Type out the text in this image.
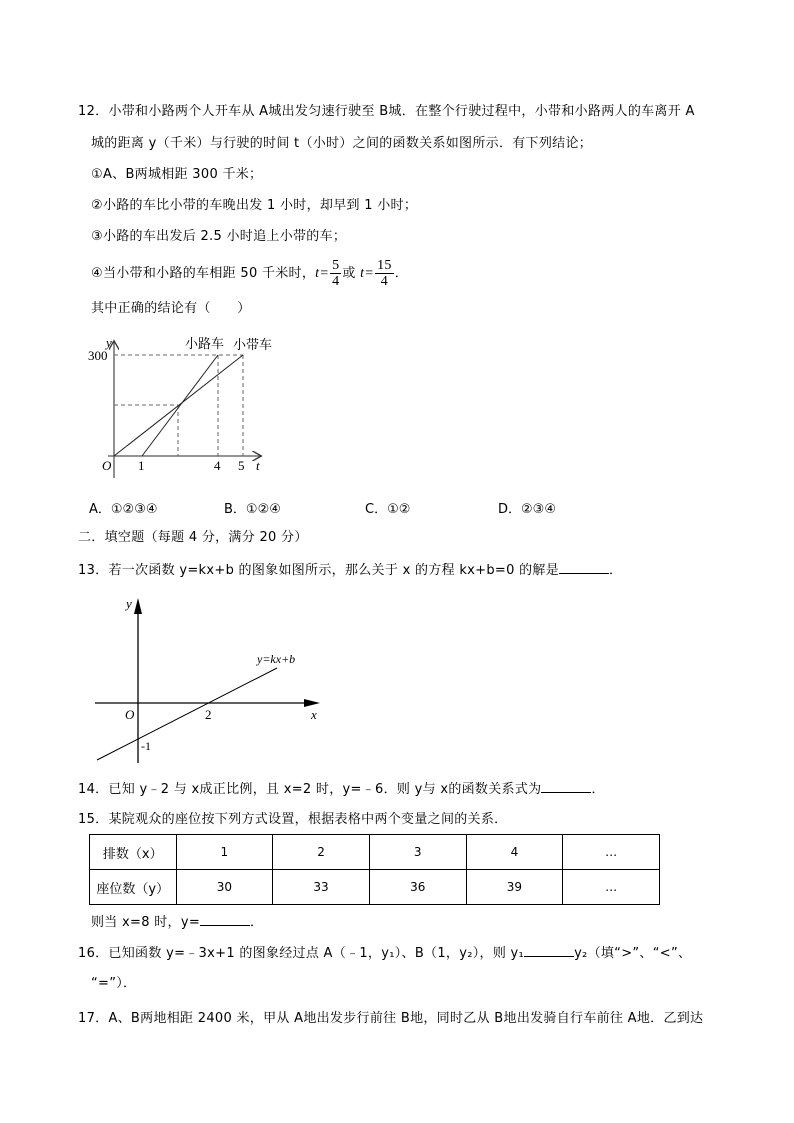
12．小带和小路两个人开车从 A城出发匀速行驶至 B城．在整个行驶过程中，小带和小路两人的车离开 A
城的距离 y（千米）与行驶的时间 t（小时）之间的函数关系如图所示．有下列结论；
①A、B两城相距 300 千米；
②小路的车比小带的车晚出发 1 小时，却早到 1 小时；
③小路的车出发后 2.5 小时追上小带的车；
④当小带和小路的车相距 50 千米时，$t= \frac{5}{4}$ 或 $t= \frac{15}{4}$ ．
其中正确的结论有（　　）
y
300
O 1	4 5 t
小路车 小带车
A．①②③④	B．①②④	C．①②	D．②③④
二．填空题（每题 4 分，满分 20 分）
13．若一次函数 y=kx+b 的图象如图所示，那么关于 x 的方程 kx+b=0 的解是	．
y
O	2
-1
x
y=kx+b
14．已知 y﹣2 与 x成正比例，且 x=2 时，y=﹣6．则 y与 x的函数关系式为	．
15．某院观众的座位按下列方式设置，根据表格中两个变量之间的关系．
排数（x）	1	2	3	4	…
座位数（y）	30	33	36	39	…
则当 x=8 时，y=	．
16．已知函数 y=﹣3x+1 的图象经过点 A（﹣1，y₁）、B（1，y₂），则 y₁	y₂（填“>”、“<”、
“=”）．
17．A、B两地相距 2400 米，甲从 A地出发步行前往 B地，同时乙从 B地出发骑自行车前往 A地．乙到达
